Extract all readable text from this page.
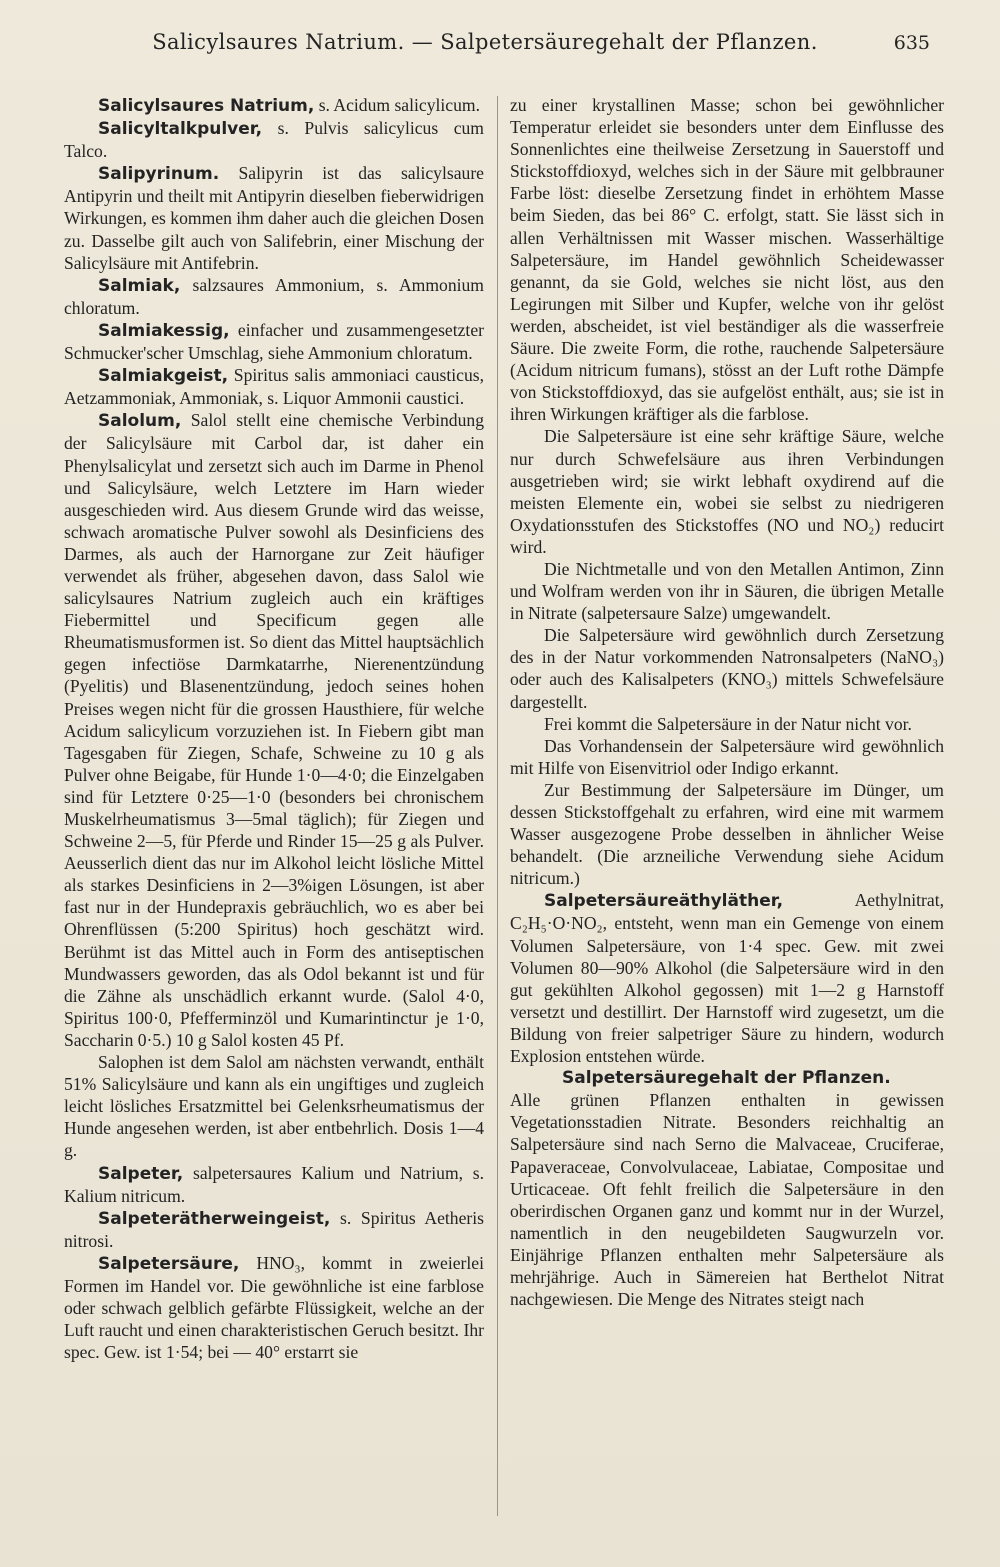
Salicylsaures Natrium. — Salpetersäuregehalt der Pflanzen.	635

Salicylsaures Natrium, s. Acidum salicylicum.

Salicyltalkpulver, s. Pulvis salicylicus cum Talco.

Salipyrinum. Salipyrin ist das salicylsaure Antipyrin und theilt mit Antipyrin dieselben fieberwidrigen Wirkungen, es kommen ihm daher auch die gleichen Dosen zu. Dasselbe gilt auch von Salifebrin, einer Mischung der Salicylsäure mit Antifebrin.

Salmiak, salzsaures Ammonium, s. Ammonium chloratum.

Salmiakessig, einfacher und zusammengesetzter Schmucker'scher Umschlag, siehe Ammonium chloratum.

Salmiakgeist, Spiritus salis ammoniaci causticus, Aetzammoniak, Ammoniak, s. Liquor Ammonii caustici.

Salolum, Salol stellt eine chemische Verbindung der Salicylsäure mit Carbol dar, ist daher ein Phenylsalicylat und zersetzt sich auch im Darme in Phenol und Salicylsäure, welch Letztere im Harn wieder ausgeschieden wird. Aus diesem Grunde wird das weisse, schwach aromatische Pulver sowohl als Desinficiens des Darmes, als auch der Harnorgane zur Zeit häufiger verwendet als früher, abgesehen davon, dass Salol wie salicylsaures Natrium zugleich auch ein kräftiges Fiebermittel und Specificum gegen alle Rheumatismusformen ist. So dient das Mittel hauptsächlich gegen infectiöse Darmkatarrhe, Nierenentzündung (Pyelitis) und Blasenentzündung, jedoch seines hohen Preises wegen nicht für die grossen Hausthiere, für welche Acidum salicylicum vorzuziehen ist. In Fiebern gibt man Tagesgaben für Ziegen, Schafe, Schweine zu 10 g als Pulver ohne Beigabe, für Hunde 1·0—4·0; die Einzelgaben sind für Letztere 0·25—1·0 (besonders bei chronischem Muskelrheumatismus 3—5mal täglich); für Ziegen und Schweine 2—5, für Pferde und Rinder 15—25 g als Pulver. Aeusserlich dient das nur im Alkohol leicht lösliche Mittel als starkes Desinficiens in 2—3%igen Lösungen, ist aber fast nur in der Hundepraxis gebräuchlich, wo es aber bei Ohrenflüssen (5:200 Spiritus) hoch geschätzt wird. Berühmt ist das Mittel auch in Form des antiseptischen Mundwassers geworden, das als Odol bekannt ist und für die Zähne als unschädlich erkannt wurde. (Salol 4·0, Spiritus 100·0, Pfefferminzöl und Kumarintinctur je 1·0, Saccharin 0·5.) 10 g Salol kosten 45 Pf.

Salophen ist dem Salol am nächsten verwandt, enthält 51% Salicylsäure und kann als ein ungiftiges und zugleich leicht lösliches Ersatzmittel bei Gelenksrheumatismus der Hunde angesehen werden, ist aber entbehrlich. Dosis 1—4 g.

Salpeter, salpetersaures Kalium und Natrium, s. Kalium nitricum.

Salpeterätherweingeist, s. Spiritus Aetheris nitrosi.

Salpetersäure, HNO₃, kommt in zweierlei Formen im Handel vor. Die gewöhnliche ist eine farblose oder schwach gelblich gefärbte Flüssigkeit, welche an der Luft raucht und einen charakteristischen Geruch besitzt. Ihr spec. Gew. ist 1·54; bei — 40° erstarrt sie

zu einer krystallinen Masse; schon bei gewöhnlicher Temperatur erleidet sie besonders unter dem Einflusse des Sonnenlichtes eine theilweise Zersetzung in Sauerstoff und Stickstoffdioxyd, welches sich in der Säure mit gelbbrauner Farbe löst: dieselbe Zersetzung findet in erhöhtem Masse beim Sieden, das bei 86° C. erfolgt, statt. Sie lässt sich in allen Verhältnissen mit Wasser mischen. Wasserhältige Salpetersäure, im Handel gewöhnlich Scheidewasser genannt, da sie Gold, welches sie nicht löst, aus den Legirungen mit Silber und Kupfer, welche von ihr gelöst werden, abscheidet, ist viel beständiger als die wasserfreie Säure. Die zweite Form, die rothe, rauchende Salpetersäure (Acidum nitricum fumans), stösst an der Luft rothe Dämpfe von Stickstoffdioxyd, das sie aufgelöst enthält, aus; sie ist in ihren Wirkungen kräftiger als die farblose.

Die Salpetersäure ist eine sehr kräftige Säure, welche nur durch Schwefelsäure aus ihren Verbindungen ausgetrieben wird; sie wirkt lebhaft oxydirend auf die meisten Elemente ein, wobei sie selbst zu niedrigeren Oxydationsstufen des Stickstoffes (NO und NO₂) reducirt wird.

Die Nichtmetalle und von den Metallen Antimon, Zinn und Wolfram werden von ihr in Säuren, die übrigen Metalle in Nitrate (salpetersaure Salze) umgewandelt.

Die Salpetersäure wird gewöhnlich durch Zersetzung des in der Natur vorkommenden Natronsalpeters (NaNO₃) oder auch des Kalisalpeters (KNO₃) mittels Schwefelsäure dargestellt.

Frei kommt die Salpetersäure in der Natur nicht vor.

Das Vorhandensein der Salpetersäure wird gewöhnlich mit Hilfe von Eisenvitriol oder Indigo erkannt.

Zur Bestimmung der Salpetersäure im Dünger, um dessen Stickstoffgehalt zu erfahren, wird eine mit warmem Wasser ausgezogene Probe desselben in ähnlicher Weise behandelt. (Die arzneiliche Verwendung siehe Acidum nitricum.)

Salpetersäureäthyläther, Aethylnitrat, C₂H₅·O·NO₂, entsteht, wenn man ein Gemenge von einem Volumen Salpetersäure, von 1·4 spec. Gew. mit zwei Volumen 80—90% Alkohol (die Salpetersäure wird in den gut gekühlten Alkohol gegossen) mit 1—2 g Harnstoff versetzt und destillirt. Der Harnstoff wird zugesetzt, um die Bildung von freier salpetriger Säure zu hindern, wodurch Explosion entstehen würde.

Salpetersäuregehalt der Pflanzen.
Alle grünen Pflanzen enthalten in gewissen Vegetationsstadien Nitrate. Besonders reichhaltig an Salpetersäure sind nach Serno die Malvaceae, Cruciferae, Papaveraceae, Convolvulaceae, Labiatae, Compositae und Urticaceae. Oft fehlt freilich die Salpetersäure in den oberirdischen Organen ganz und kommt nur in der Wurzel, namentlich in den neugebildeten Saugwurzeln vor. Einjährige Pflanzen enthalten mehr Salpetersäure als mehrjährige. Auch in Sämereien hat Berthelot Nitrat nachgewiesen. Die Menge des Nitrates steigt nach
